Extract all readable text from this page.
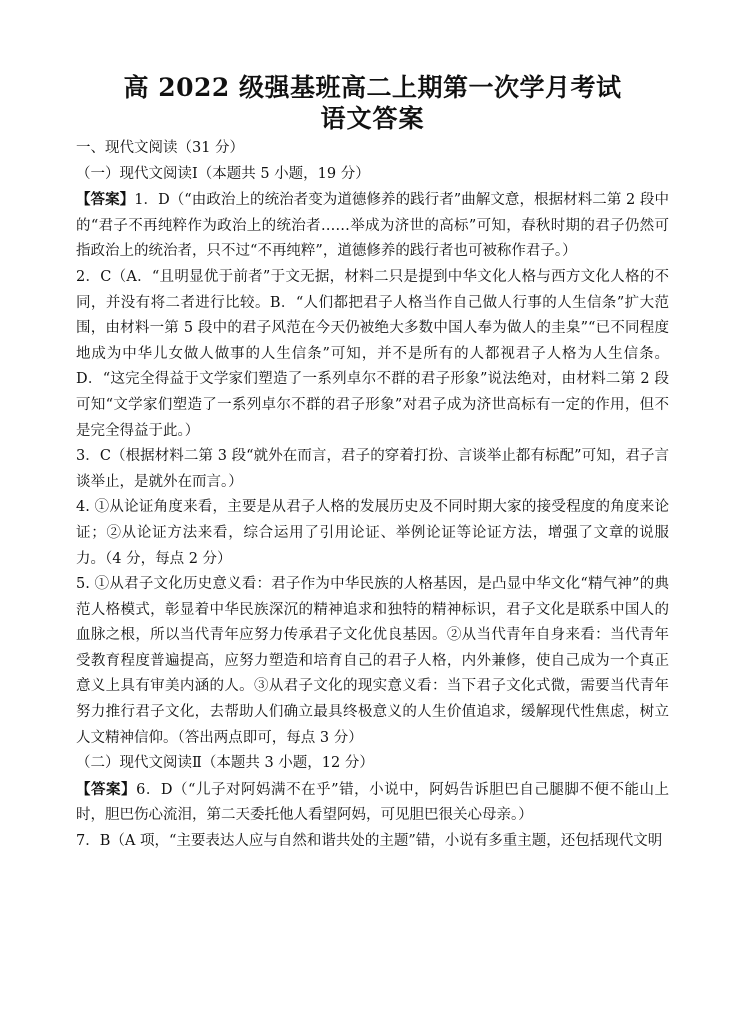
高 2022 级强基班高二上期第一次学月考试
语文答案

一、现代文阅读（31 分）

（一）现代文阅读Ⅰ（本题共 5 小题，19 分）

【答案】1．D（“由政治上的统治者变为道德修养的践行者”曲解文意，根据材料二第 2 段中的“君子不再纯粹作为政治上的统治者……举成为济世的高标”可知，春秋时期的君子仍然可指政治上的统治者，只不过“不再纯粹”，道德修养的践行者也可被称作君子。）

2．C（A．“且明显优于前者”于文无据，材料二只是提到中华文化人格与西方文化人格的不同，并没有将二者进行比较。B．“人们都把君子人格当作自己做人行事的人生信条”扩大范围，由材料一第 5 段中的君子风范在今天仍被绝大多数中国人奉为做人的圭臬”“已不同程度地成为中华儿女做人做事的人生信条”可知，并不是所有的人都视君子人格为人生信条。D．“这完全得益于文学家们塑造了一系列卓尔不群的君子形象”说法绝对，由材料二第 2 段可知“文学家们塑造了一系列卓尔不群的君子形象”对君子成为济世高标有一定的作用，但不是完全得益于此。）

3．C（根据材料二第 3 段“就外在而言，君子的穿着打扮、言谈举止都有标配”可知，君子言谈举止，是就外在而言。）

4. ①从论证角度来看，主要是从君子人格的发展历史及不同时期大家的接受程度的角度来论证；②从论证方法来看，综合运用了引用论证、举例论证等论证方法，增强了文章的说服力。（4 分，每点 2 分）

5. ①从君子文化历史意义看：君子作为中华民族的人格基因，是凸显中华文化“精气神”的典范人格模式，彰显着中华民族深沉的精神追求和独特的精神标识，君子文化是联系中国人的血脉之根，所以当代青年应努力传承君子文化优良基因。②从当代青年自身来看：当代青年受教育程度普遍提高，应努力塑造和培育自己的君子人格，内外兼修，使自己成为一个真正意义上具有审美内涵的人。③从君子文化的现实意义看：当下君子文化式微，需要当代青年努力推行君子文化，去帮助人们确立最具终极意义的人生价值追求，缓解现代性焦虑，树立人文精神信仰。（答出两点即可，每点 3 分）

（二）现代文阅读Ⅱ（本题共 3 小题，12 分）

【答案】6．D（“儿子对阿妈满不在乎”错，小说中，阿妈告诉胆巴自己腿脚不便不能山上时，胆巴伤心流泪，第二天委托他人看望阿妈，可见胆巴很关心母亲。）

7．B（A 项，“主要表达人应与自然和谐共处的主题”错，小说有多重主题，还包括现代文明
